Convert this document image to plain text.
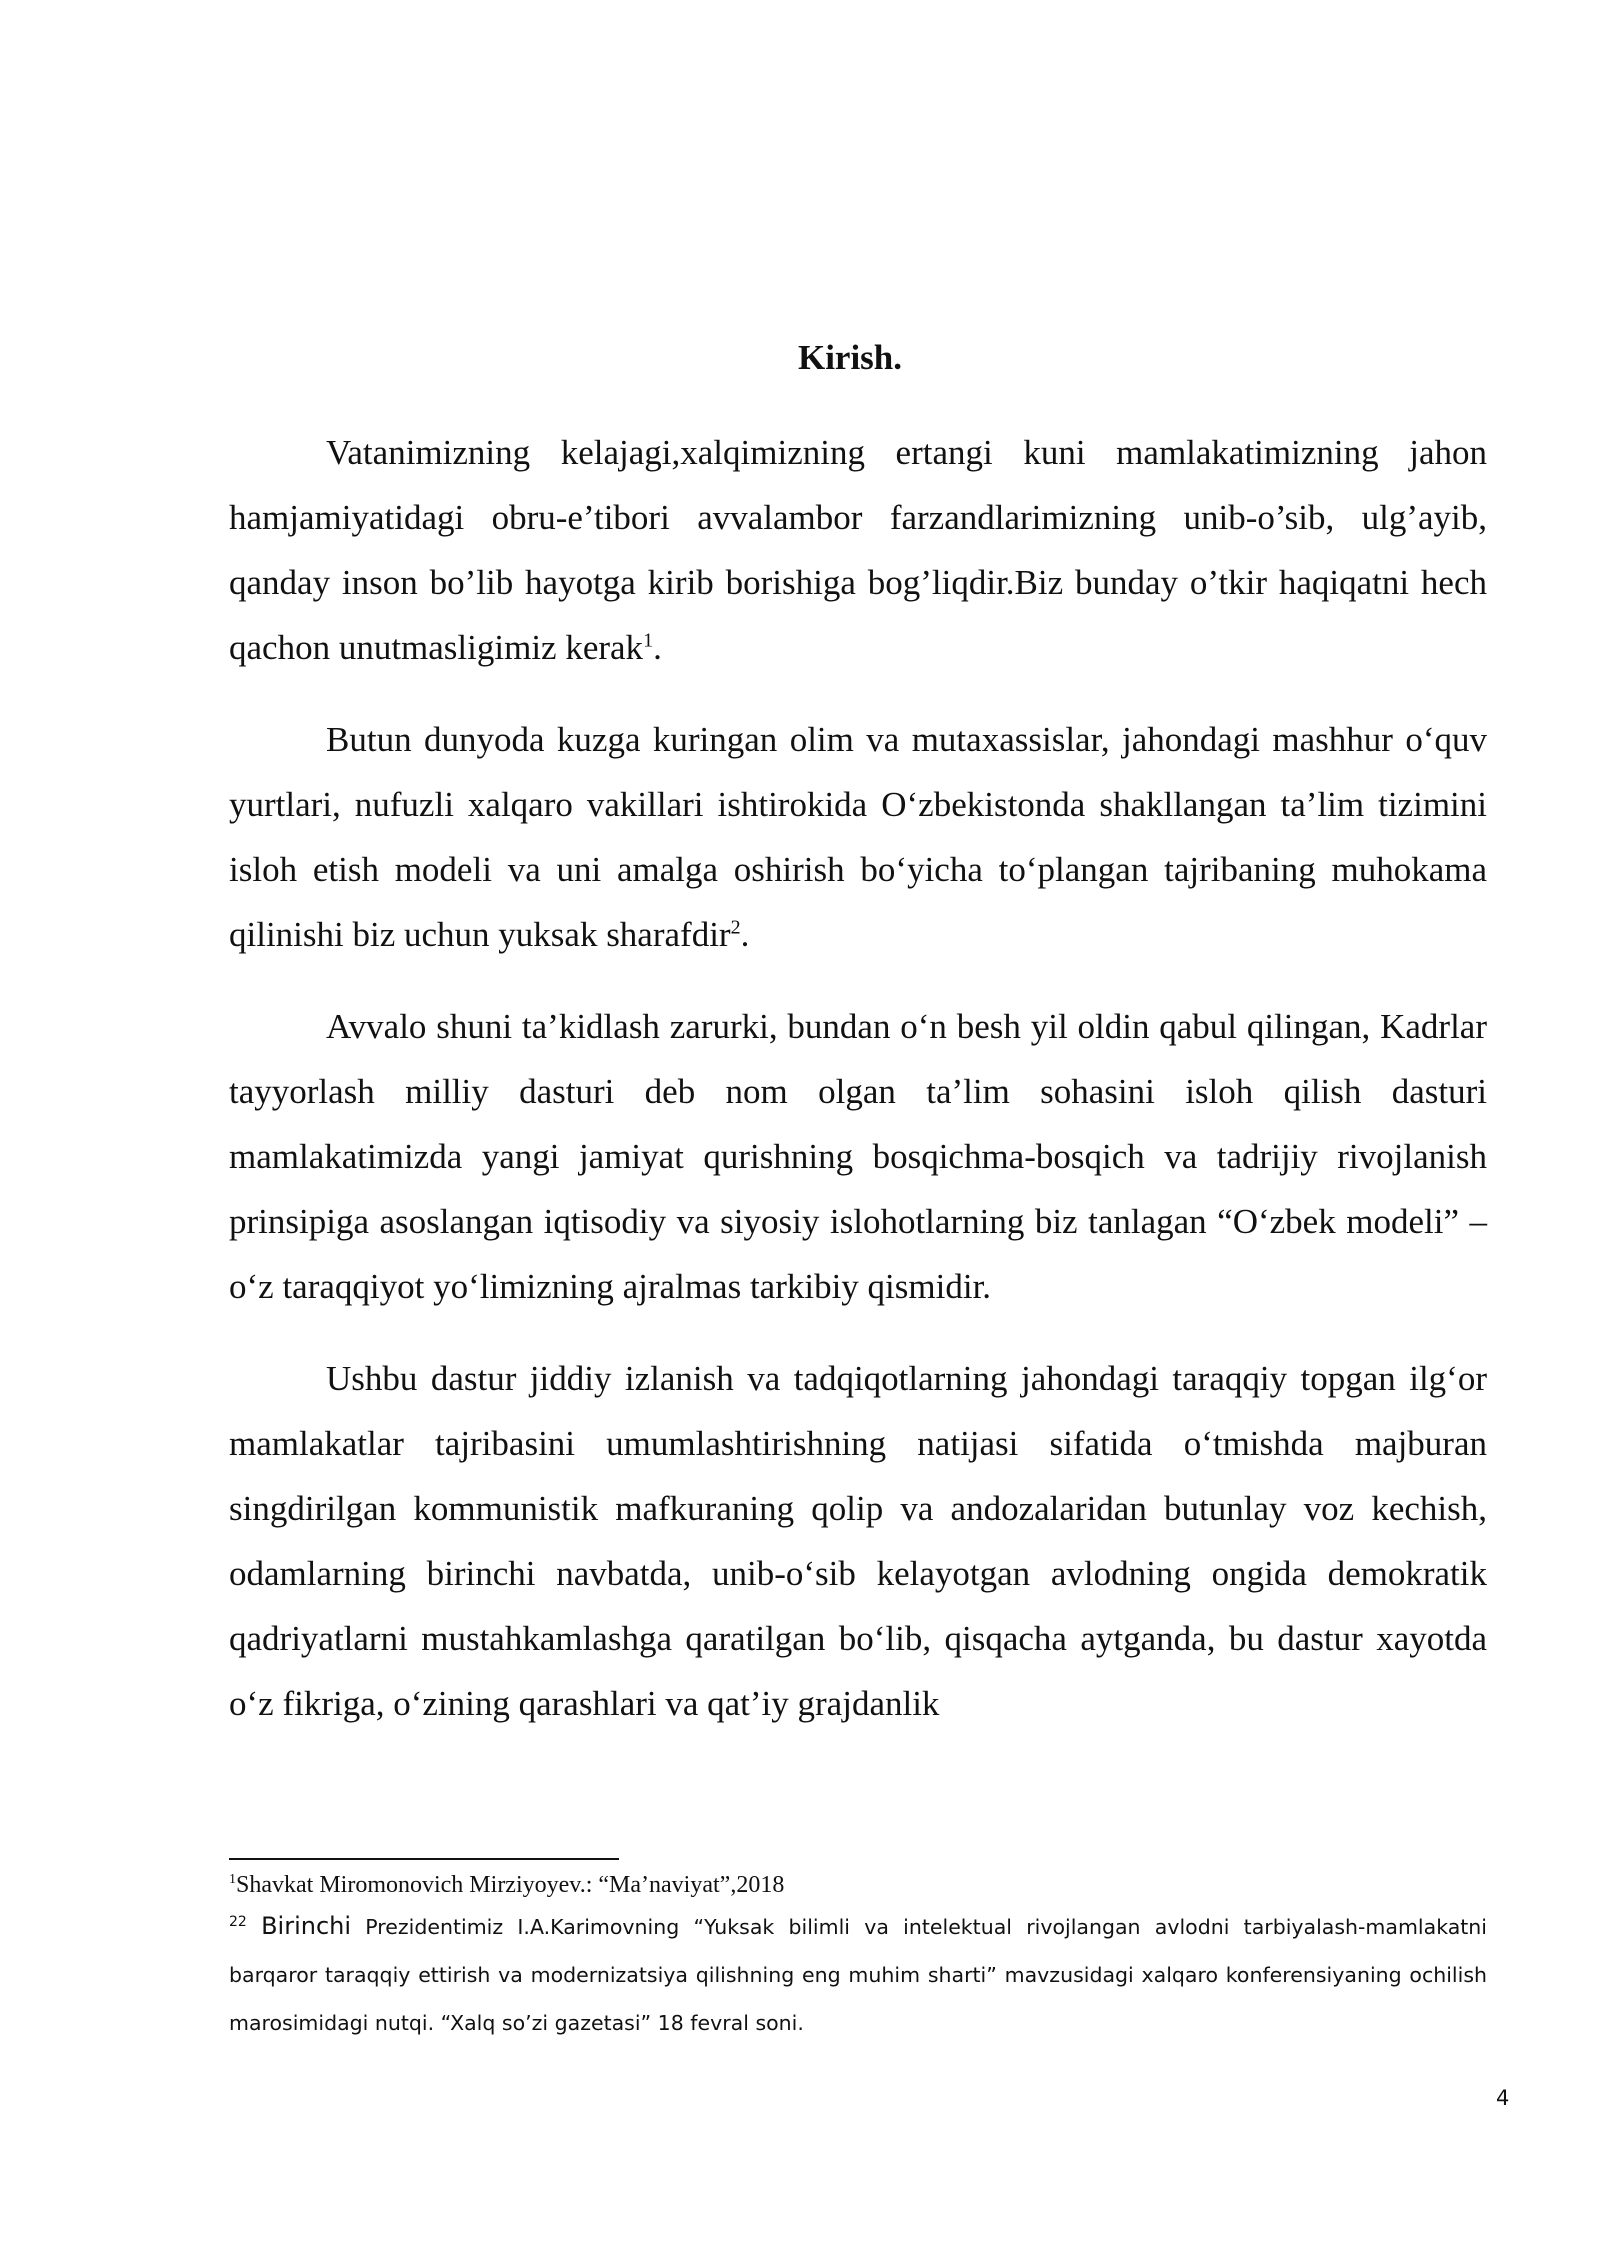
Kirish.

Vatanimizning kelajagi,xalqimizning ertangi kuni mamlakatimizning jahon hamjamiyatidagi obru-e’tibori avvalambor farzandlarimizning unib-o’sib, ulg’ayib, qanday inson bo’lib hayotga kirib borishiga bog’liqdir.Biz bunday o’tkir haqiqatni hech qachon unutmasligimiz kerak$^1$.

Butun dunyoda kuzga kuringan olim va mutaxassislar, jahondagi mashhur o‘quv yurtlari, nufuzli xalqaro vakillari ishtirokida O‘zbekistonda shakllangan ta’lim tizimini isloh etish modeli va uni amalga oshirish bo‘yicha to‘plangan tajribaning muhokama qilinishi biz uchun yuksak sharafdir$^2$.

Avvalo shuni ta’kidlash zarurki, bundan o‘n besh yil oldin qabul qilingan, Kadrlar tayyorlash milliy dasturi deb nom olgan ta’lim sohasini isloh qilish dasturi mamlakatimizda yangi jamiyat qurishning bosqichma-bosqich va tadrijiy rivojlanish prinsipiga asoslangan iqtisodiy va siyosiy islohotlarning biz tanlagan “O‘zbek modeli” –o‘z taraqqiyot yo‘limizning ajralmas tarkibiy qismidir.

Ushbu dastur jiddiy izlanish va tadqiqotlarning jahondagi taraqqiy topgan ilg‘or mamlakatlar tajribasini umumlashtirishning natijasi sifatida o‘tmishda majburan singdirilgan kommunistik mafkuraning qolip va andozalaridan butunlay voz kechish, odamlarning birinchi navbatda, unib-o‘sib kelayotgan avlodning ongida demokratik qadriyatlarni mustahkamlashga qaratilgan bo‘lib, qisqacha aytganda, bu dastur xayotda o‘z fikriga, o‘zining qarashlari va qat’iy grajdanlik

$^1$Shavkat Miromonovich Mirziyoyev.: “Ma’naviyat”,2018

$^{22}$ Birinchi Prezidentimiz I.A.Karimovning “Yuksak bilimli va intelektual rivojlangan avlodni tarbiyalash-mamlakatni barqaror taraqqiy ettirish va modernizatsiya qilishning eng muhim sharti” mavzusidagi xalqaro konferensiyaning ochilish marosimidagi nutqi. “Xalq so’zi gazetasi” 18 fevral soni.

4
